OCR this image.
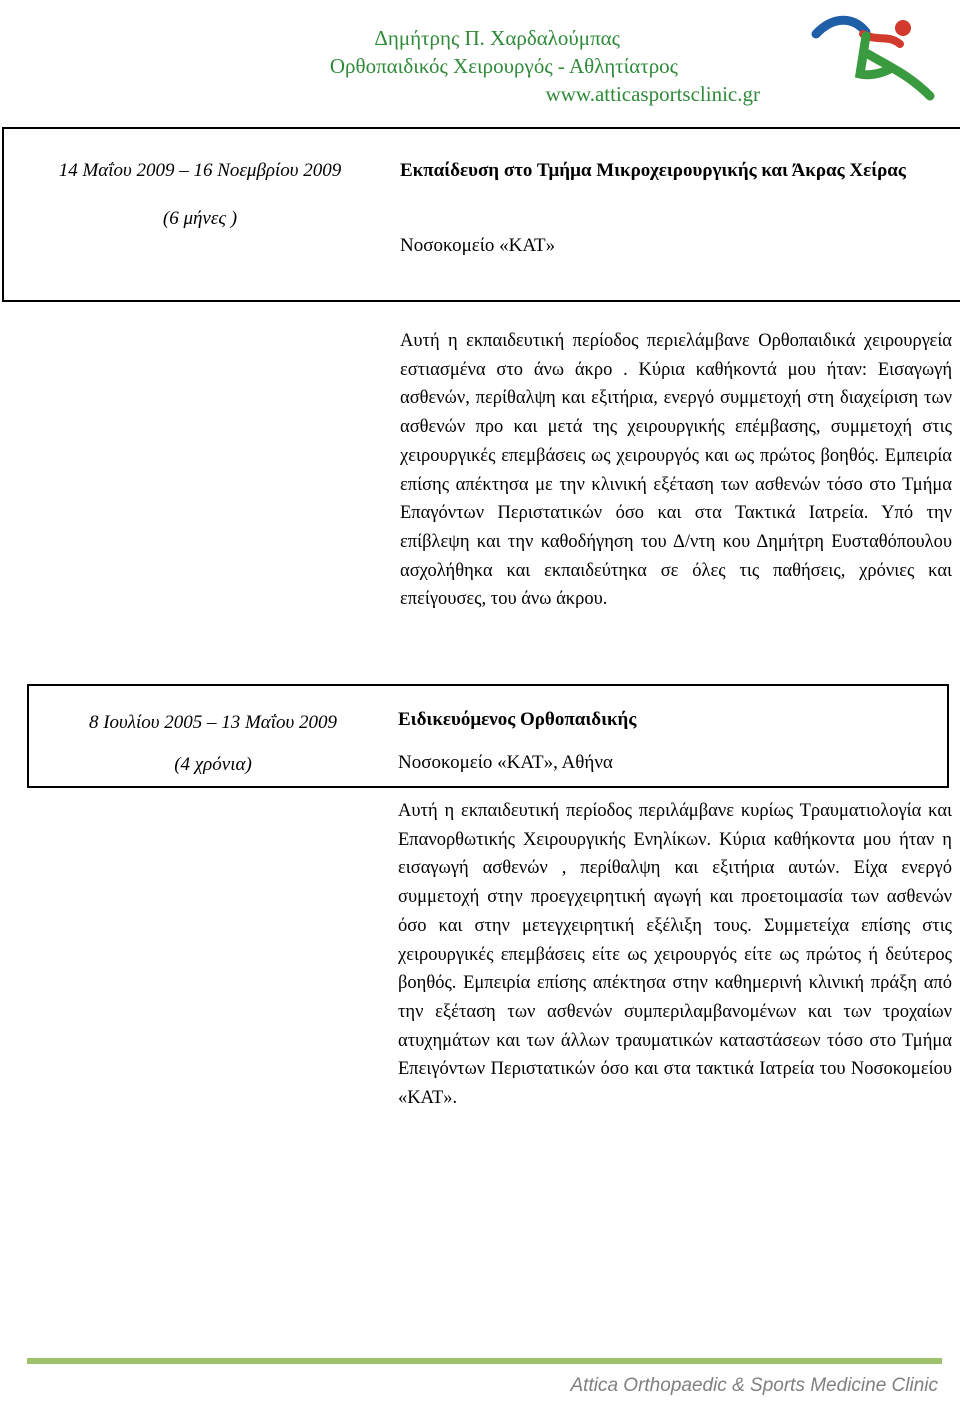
Δημήτρης Π. Χαρδαλούμπας
Ορθοπαιδικός Χειρουργός - Αθλητίατρος
www.atticasportsclinic.gr
14 Μαΐου 2009 – 16 Νοεμβρίου 2009
(6 μήνες )
Εκπαίδευση στο Τμήμα Μικροχειρουργικής και Άκρας Χείρας
Νοσοκομείο «ΚΑΤ»
Αυτή η εκπαιδευτική περίοδος περιελάμβανε Ορθοπαιδικά χειρουργεία εστιασμένα στο άνω άκρο . Κύρια καθήκοντά μου ήταν: Εισαγωγή ασθενών, περίθαλψη και εξιτήρια, ενεργό συμμετοχή στη διαχείριση των ασθενών προ και μετά της χειρουργικής επέμβασης, συμμετοχή στις χειρουργικές επεμβάσεις ως χειρουργός και ως πρώτος βοηθός. Εμπειρία επίσης απέκτησα με την κλινική εξέταση των ασθενών τόσο στο Τμήμα Επαγόντων Περιστατικών όσο και στα Τακτικά Ιατρεία. Υπό την επίβλεψη και την καθοδήγηση του Δ/ντη κου Δημήτρη Ευσταθόπουλου ασχολήθηκα και εκπαιδεύτηκα σε όλες τις παθήσεις, χρόνιες και επείγουσες, του άνω άκρου.
8 Ιουλίου 2005 – 13 Μαΐου 2009
(4 χρόνια)
Ειδικευόμενος Ορθοπαιδικής
Νοσοκομείο «ΚΑΤ», Αθήνα
Αυτή η εκπαιδευτική περίοδος περιλάμβανε κυρίως Τραυματιολογία και Επανορθωτικής Χειρουργικής Ενηλίκων. Κύρια καθήκοντα μου ήταν η εισαγωγή ασθενών , περίθαλψη και εξιτήρια αυτών. Είχα ενεργό συμμετοχή στην προεγχειρητική αγωγή και προετοιμασία των ασθενών όσο και στην μετεγχειρητική εξέλιξη τους. Συμμετείχα επίσης στις χειρουργικές επεμβάσεις είτε ως χειρουργός είτε ως πρώτος ή δεύτερος βοηθός. Εμπειρία επίσης απέκτησα στην καθημερινή κλινική πράξη από την εξέταση των ασθενών συμπεριλαμβανομένων και των τροχαίων ατυχημάτων και των άλλων τραυματικών καταστάσεων τόσο στο Τμήμα Επειγόντων Περιστατικών όσο και στα τακτικά Ιατρεία του Νοσοκομείου «ΚΑΤ».
Attica Orthopaedic & Sports Medicine Clinic
